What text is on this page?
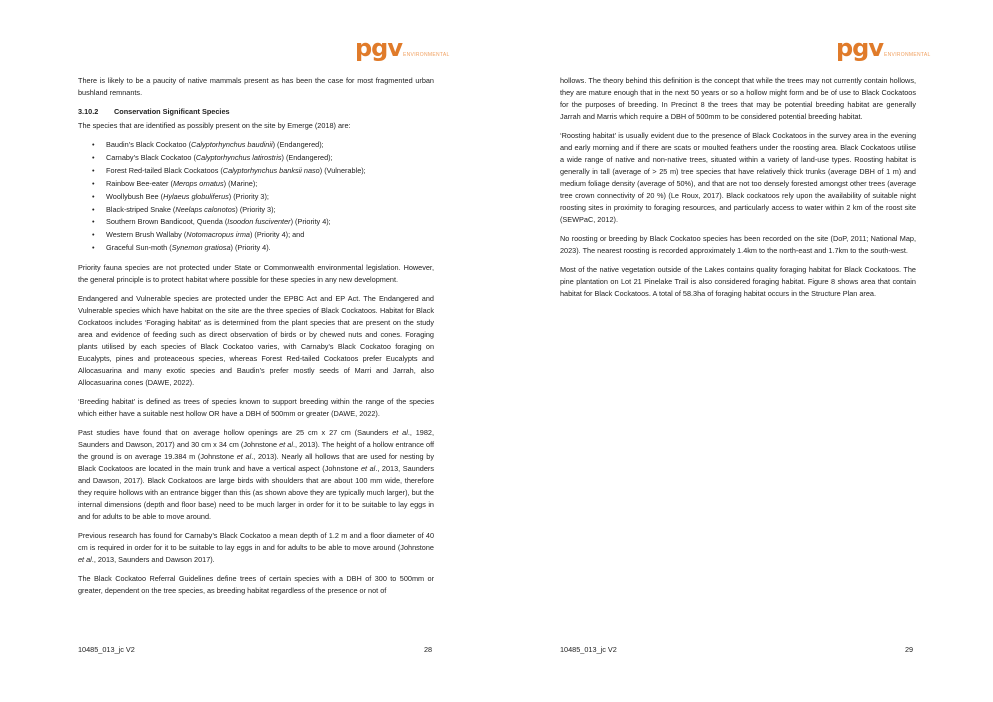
pgv ENVIRONMENTAL

There is likely to be a paucity of native mammals present as has been the case for most fragmented urban bushland remnants.

3.10.2 Conservation Significant Species

The species that are identified as possibly present on the site by Emerge (2018) are:

• Baudin’s Black Cockatoo (Calyptorhynchus baudinii) (Endangered);
• Carnaby’s Black Cockatoo (Calyptorhynchus latirostris) (Endangered);
• Forest Red-tailed Black Cockatoos (Calyptorhynchus banksii naso) (Vulnerable);
• Rainbow Bee-eater (Merops ornatus) (Marine);
• Woollybush Bee (Hylaeus globuliferus) (Priority 3);
• Black-striped Snake (Neelaps calonotos) (Priority 3);
• Southern Brown Bandicoot, Quenda (Isoodon fusciventer) (Priority 4);
• Western Brush Wallaby (Notomacropus irma) (Priority 4); and
• Graceful Sun-moth (Synemon gratiosa) (Priority 4).

Priority fauna species are not protected under State or Commonwealth environmental legislation. However, the general principle is to protect habitat where possible for these species in any new development.

Endangered and Vulnerable species are protected under the EPBC Act and EP Act. The Endangered and Vulnerable species which have habitat on the site are the three species of Black Cockatoos. Habitat for Black Cockatoos includes ‘Foraging habitat’ as is determined from the plant species that are present on the study area and evidence of feeding such as direct observation of birds or by chewed nuts and cones. Foraging plants utilised by each species of Black Cockatoo varies, with Carnaby’s Black Cockatoo foraging on Eucalypts, pines and proteaceous species, whereas Forest Red-tailed Cockatoos prefer Eucalypts and Allocasuarina and many exotic species and Baudin’s prefer mostly seeds of Marri and Jarrah, also Allocasuarina cones (DAWE, 2022).

‘Breeding habitat’ is defined as trees of species known to support breeding within the range of the species which either have a suitable nest hollow OR have a DBH of 500mm or greater (DAWE, 2022).

Past studies have found that on average hollow openings are 25 cm x 27 cm (Saunders et al., 1982, Saunders and Dawson, 2017) and 30 cm x 34 cm (Johnstone et al., 2013). The height of a hollow entrance off the ground is on average 19.384 m (Johnstone et al., 2013). Nearly all hollows that are used for nesting by Black Cockatoos are located in the main trunk and have a vertical aspect (Johnstone et al., 2013, Saunders and Dawson, 2017). Black Cockatoos are large birds with shoulders that are about 100 mm wide, therefore they require hollows with an entrance bigger than this (as shown above they are typically much larger), but the internal dimensions (depth and floor base) need to be much larger in order for it to be suitable to lay eggs in and for adults to be able to move around.

Previous research has found for Carnaby’s Black Cockatoo a mean depth of 1.2 m and a floor diameter of 40 cm is required in order for it to be suitable to lay eggs in and for adults to be able to move around (Johnstone et al., 2013, Saunders and Dawson 2017).

The Black Cockatoo Referral Guidelines define trees of certain species with a DBH of 300 to 500mm or greater, dependent on the tree species, as breeding habitat regardless of the presence or not of

10485_013_jc V2	28
pgv ENVIRONMENTAL

hollows. The theory behind this definition is the concept that while the trees may not currently contain hollows, they are mature enough that in the next 50 years or so a hollow might form and be of use to Black Cockatoos for the purposes of breeding. In Precinct 8 the trees that may be potential breeding habitat are generally Jarrah and Marris which require a DBH of 500mm to be considered potential breeding habitat.

‘Roosting habitat’ is usually evident due to the presence of Black Cockatoos in the survey area in the evening and early morning and if there are scats or moulted feathers under the roosting area. Black Cockatoos utilise a wide range of native and non-native trees, situated within a variety of land-use types. Roosting habitat is generally in tall (average of > 25 m) tree species that have relatively thick trunks (average DBH of 1 m) and medium foliage density (average of 50%), and that are not too densely forested amongst other trees (average tree crown connectivity of 20 %) (Le Roux, 2017). Black cockatoos rely upon the availability of suitable night roosting sites in proximity to foraging resources, and particularly access to water within 2 km of the roost site (SEWPaC, 2012).

No roosting or breeding by Black Cockatoo species has been recorded on the site (DoP, 2011; National Map, 2023). The nearest roosting is recorded approximately 1.4km to the north-east and 1.7km to the south-west.

Most of the native vegetation outside of the Lakes contains quality foraging habitat for Black Cockatoos. The pine plantation on Lot 21 Pinelake Trail is also considered foraging habitat. Figure 8 shows area that contain habitat for Black Cockatoos. A total of 58.3ha of foraging habitat occurs in the Structure Plan area.

10485_013_jc V2	29
